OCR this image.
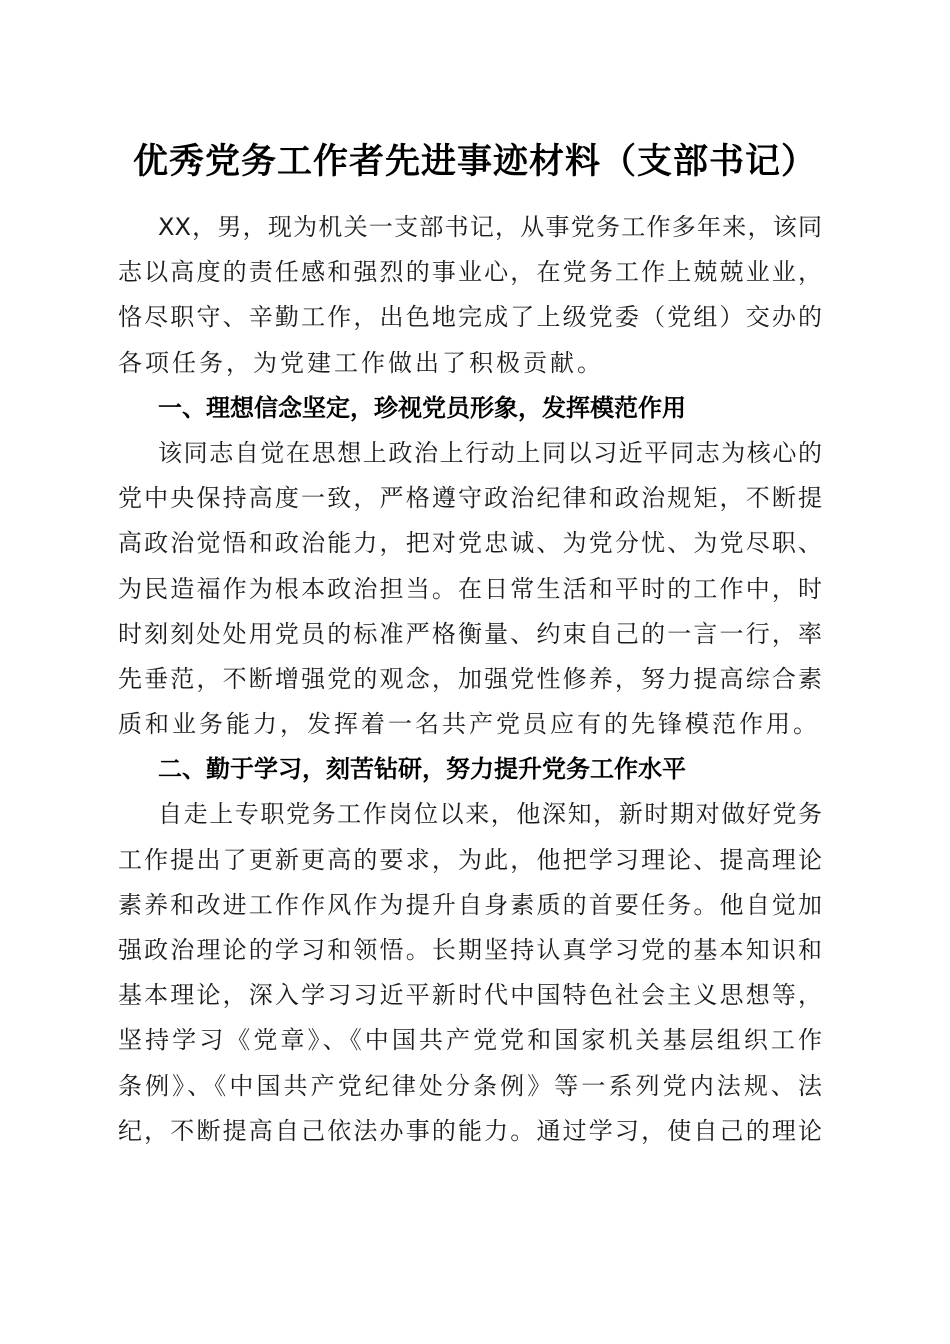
优秀党务工作者先进事迹材料（支部书记）
XX，男，现为机关一支部书记，从事党务工作多年来，该同
志以高度的责任感和强烈的事业心，在党务工作上兢兢业业，
恪尽职守、辛勤工作，出色地完成了上级党委（党组）交办的
各项任务，为党建工作做出了积极贡献。
一、理想信念坚定，珍视党员形象，发挥模范作用
该同志自觉在思想上政治上行动上同以习近平同志为核心的
党中央保持高度一致，严格遵守政治纪律和政治规矩，不断提
高政治觉悟和政治能力，把对党忠诚、为党分忧、为党尽职、
为民造福作为根本政治担当。在日常生活和平时的工作中，时
时刻刻处处用党员的标准严格衡量、约束自己的一言一行，率
先垂范，不断增强党的观念，加强党性修养，努力提高综合素
质和业务能力，发挥着一名共产党员应有的先锋模范作用。
二、勤于学习，刻苦钻研，努力提升党务工作水平
自走上专职党务工作岗位以来，他深知，新时期对做好党务
工作提出了更新更高的要求，为此，他把学习理论、提高理论
素养和改进工作作风作为提升自身素质的首要任务。他自觉加
强政治理论的学习和领悟。长期坚持认真学习党的基本知识和
基本理论，深入学习习近平新时代中国特色社会主义思想等，
坚持学习《党章》、《中国共产党党和国家机关基层组织工作
条例》、《中国共产党纪律处分条例》等一系列党内法规、法
纪，不断提高自己依法办事的能力。通过学习，使自己的理论
